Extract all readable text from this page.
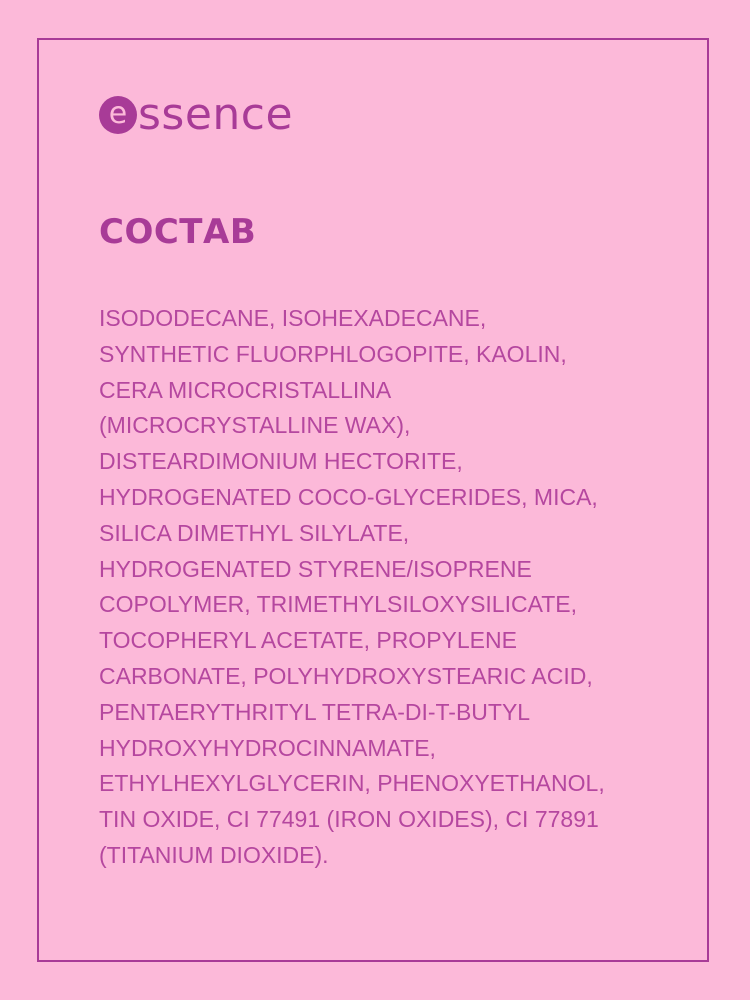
e ssence
СОСТАВ
ISODODECANE, ISOHEXADECANE,
SYNTHETIC FLUORPHLOGOPITE, KAOLIN,
CERA MICROCRISTALLINA
(MICROCRYSTALLINE WAX),
DISTEARDIMONIUM HECTORITE,
HYDROGENATED COCO-GLYCERIDES, MICA,
SILICA DIMETHYL SILYLATE,
HYDROGENATED STYRENE/ISOPRENE
COPOLYMER, TRIMETHYLSILOXYSILICATE,
TOCOPHERYL ACETATE, PROPYLENE
CARBONATE, POLYHYDROXYSTEARIC ACID,
PENTAERYTHRITYL TETRA-DI-T-BUTYL
HYDROXYHYDROCINNAMATE,
ETHYLHEXYLGLYCERIN, PHENOXYETHANOL,
TIN OXIDE, CI 77491 (IRON OXIDES), CI 77891
(TITANIUM DIOXIDE).
